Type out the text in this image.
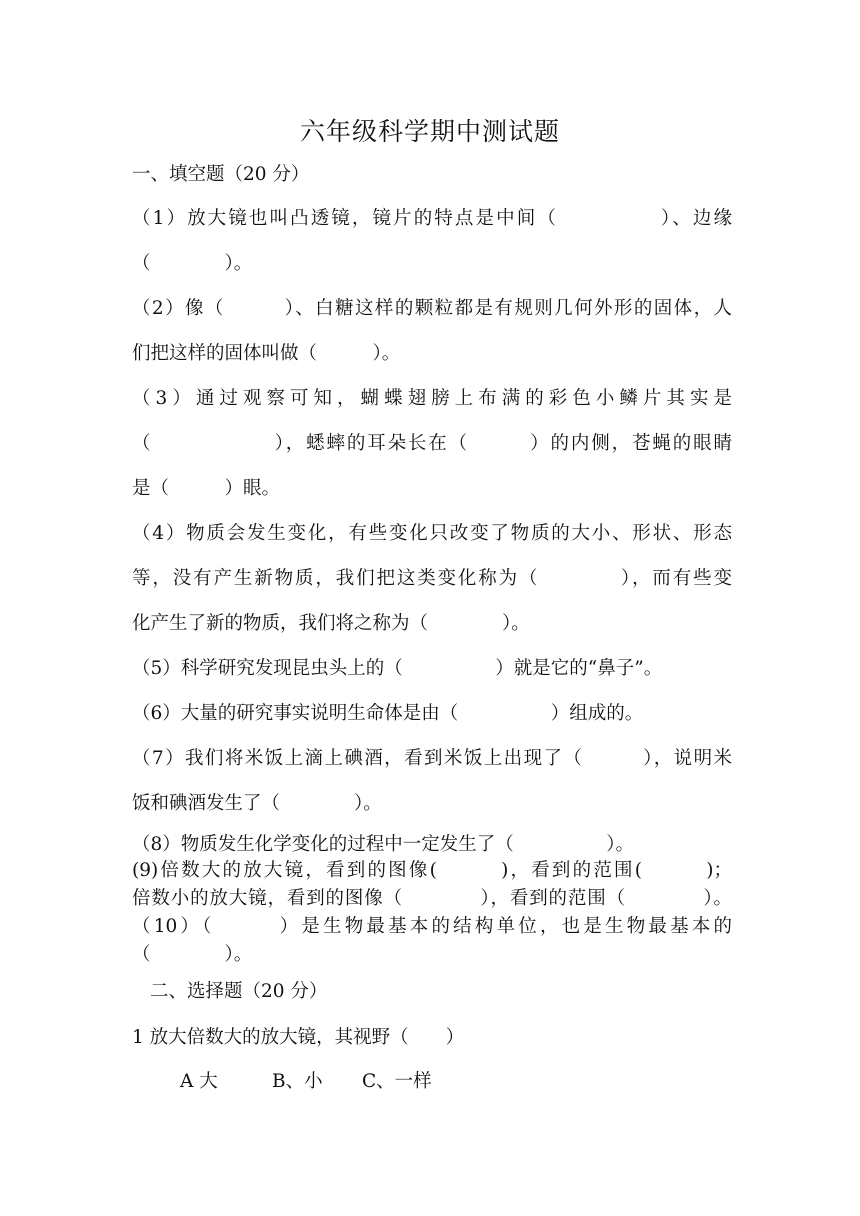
六年级科学期中测试题
一、填空题（20 分）
（1）放大镜也叫凸透镜，镜片的特点是中间（　　　　　）、边缘
（　　　　）。
（2）像（　　　）、白糖这样的颗粒都是有规则几何外形的固体，人
们把这样的固体叫做（　　　）。
（3）通过观察可知，蝴蝶翅膀上布满的彩色小鳞片其实是
（　　　　　　），蟋蟀的耳朵长在（　　　）的内侧，苍蝇的眼睛
是（　　　）眼。
（4）物质会发生变化，有些变化只改变了物质的大小、形状、形态
等，没有产生新物质，我们把这类变化称为（　　　　），而有些变
化产生了新的物质，我们将之称为（　　　　）。
（5）科学研究发现昆虫头上的（　　　　　）就是它的“鼻子”。
（6）大量的研究事实说明生命体是由（　　　　　）组成的。
（7）我们将米饭上滴上碘酒，看到米饭上出现了（　　　），说明米
饭和碘酒发生了（　　　　）。
（8）物质发生化学变化的过程中一定发生了（　　　　　）。
(9)倍数大的放大镜，看到的图像(　　　)，看到的范围(　　　)；
倍数小的放大镜，看到的图像（　　　　），看到的范围（　　　　）。
（10）（　　　）是生物最基本的结构单位，也是生物最基本的
（　　　　）。
二、选择题（20 分）
1 放大倍数大的放大镜，其视野（　　）
A 大	B、小 C、一样
